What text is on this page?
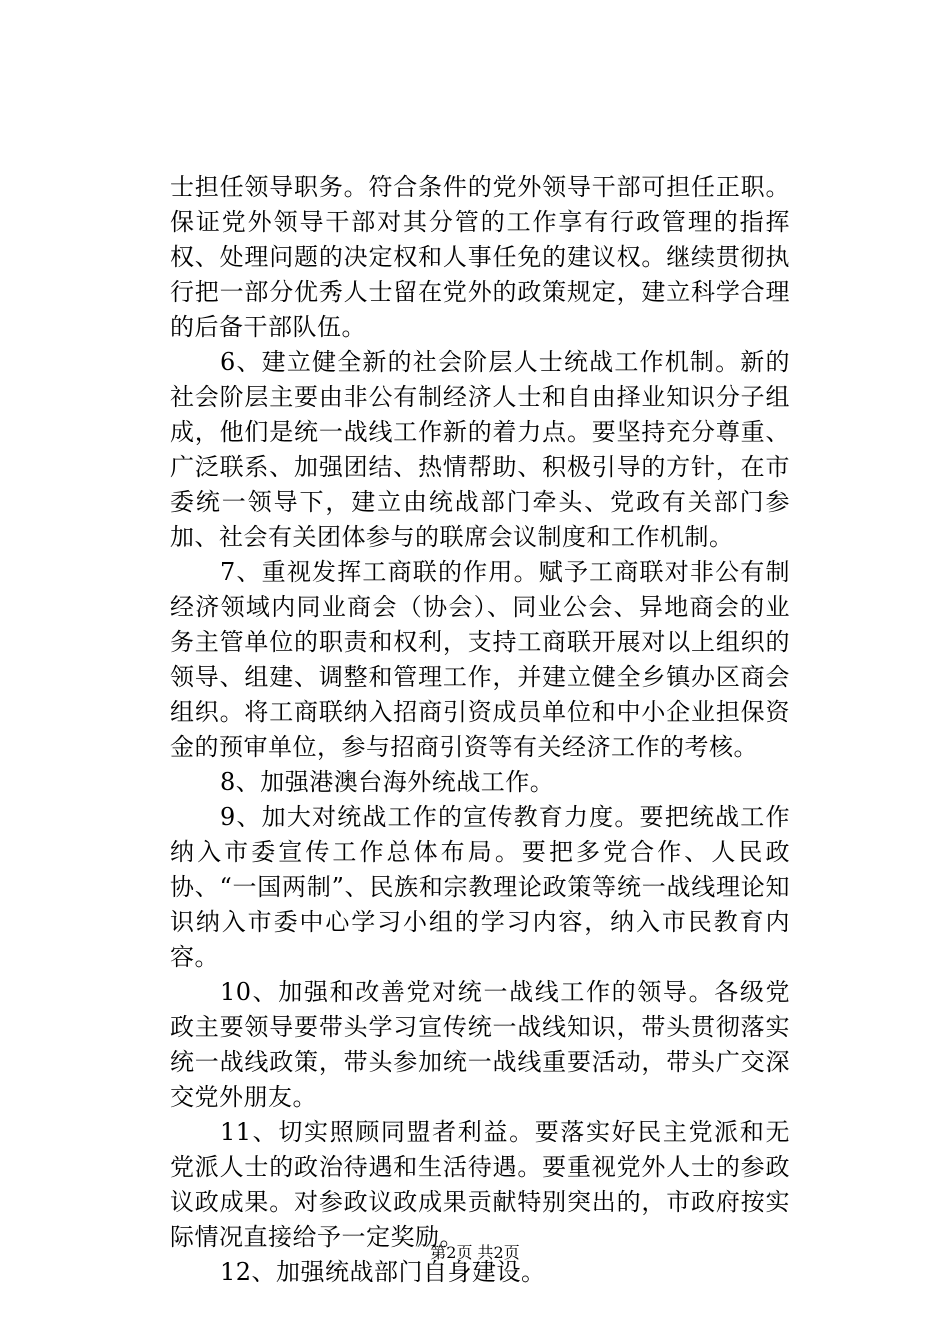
士担任领导职务。符合条件的党外领导干部可担任正职。保证党外领导干部对其分管的工作享有行政管理的指挥权、处理问题的决定权和人事任免的建议权。继续贯彻执行把一部分优秀人士留在党外的政策规定，建立科学合理的后备干部队伍。

6、建立健全新的社会阶层人士统战工作机制。新的社会阶层主要由非公有制经济人士和自由择业知识分子组成，他们是统一战线工作新的着力点。要坚持充分尊重、广泛联系、加强团结、热情帮助、积极引导的方针，在市委统一领导下，建立由统战部门牵头、党政有关部门参加、社会有关团体参与的联席会议制度和工作机制。

7、重视发挥工商联的作用。赋予工商联对非公有制经济领域内同业商会（协会）、同业公会、异地商会的业务主管单位的职责和权利，支持工商联开展对以上组织的领导、组建、调整和管理工作，并建立健全乡镇办区商会组织。将工商联纳入招商引资成员单位和中小企业担保资金的预审单位，参与招商引资等有关经济工作的考核。

8、加强港澳台海外统战工作。

9、加大对统战工作的宣传教育力度。要把统战工作纳入市委宣传工作总体布局。要把多党合作、人民政协、“一国两制”、民族和宗教理论政策等统一战线理论知识纳入市委中心学习小组的学习内容，纳入市民教育内容。

10、加强和改善党对统一战线工作的领导。各级党政主要领导要带头学习宣传统一战线知识，带头贯彻落实统一战线政策，带头参加统一战线重要活动，带头广交深交党外朋友。

11、切实照顾同盟者利益。要落实好民主党派和无党派人士的政治待遇和生活待遇。要重视党外人士的参政议政成果。对参政议政成果贡献特别突出的，市政府按实际情况直接给予一定奖励。

12、加强统战部门自身建设。

第2页 共2页
